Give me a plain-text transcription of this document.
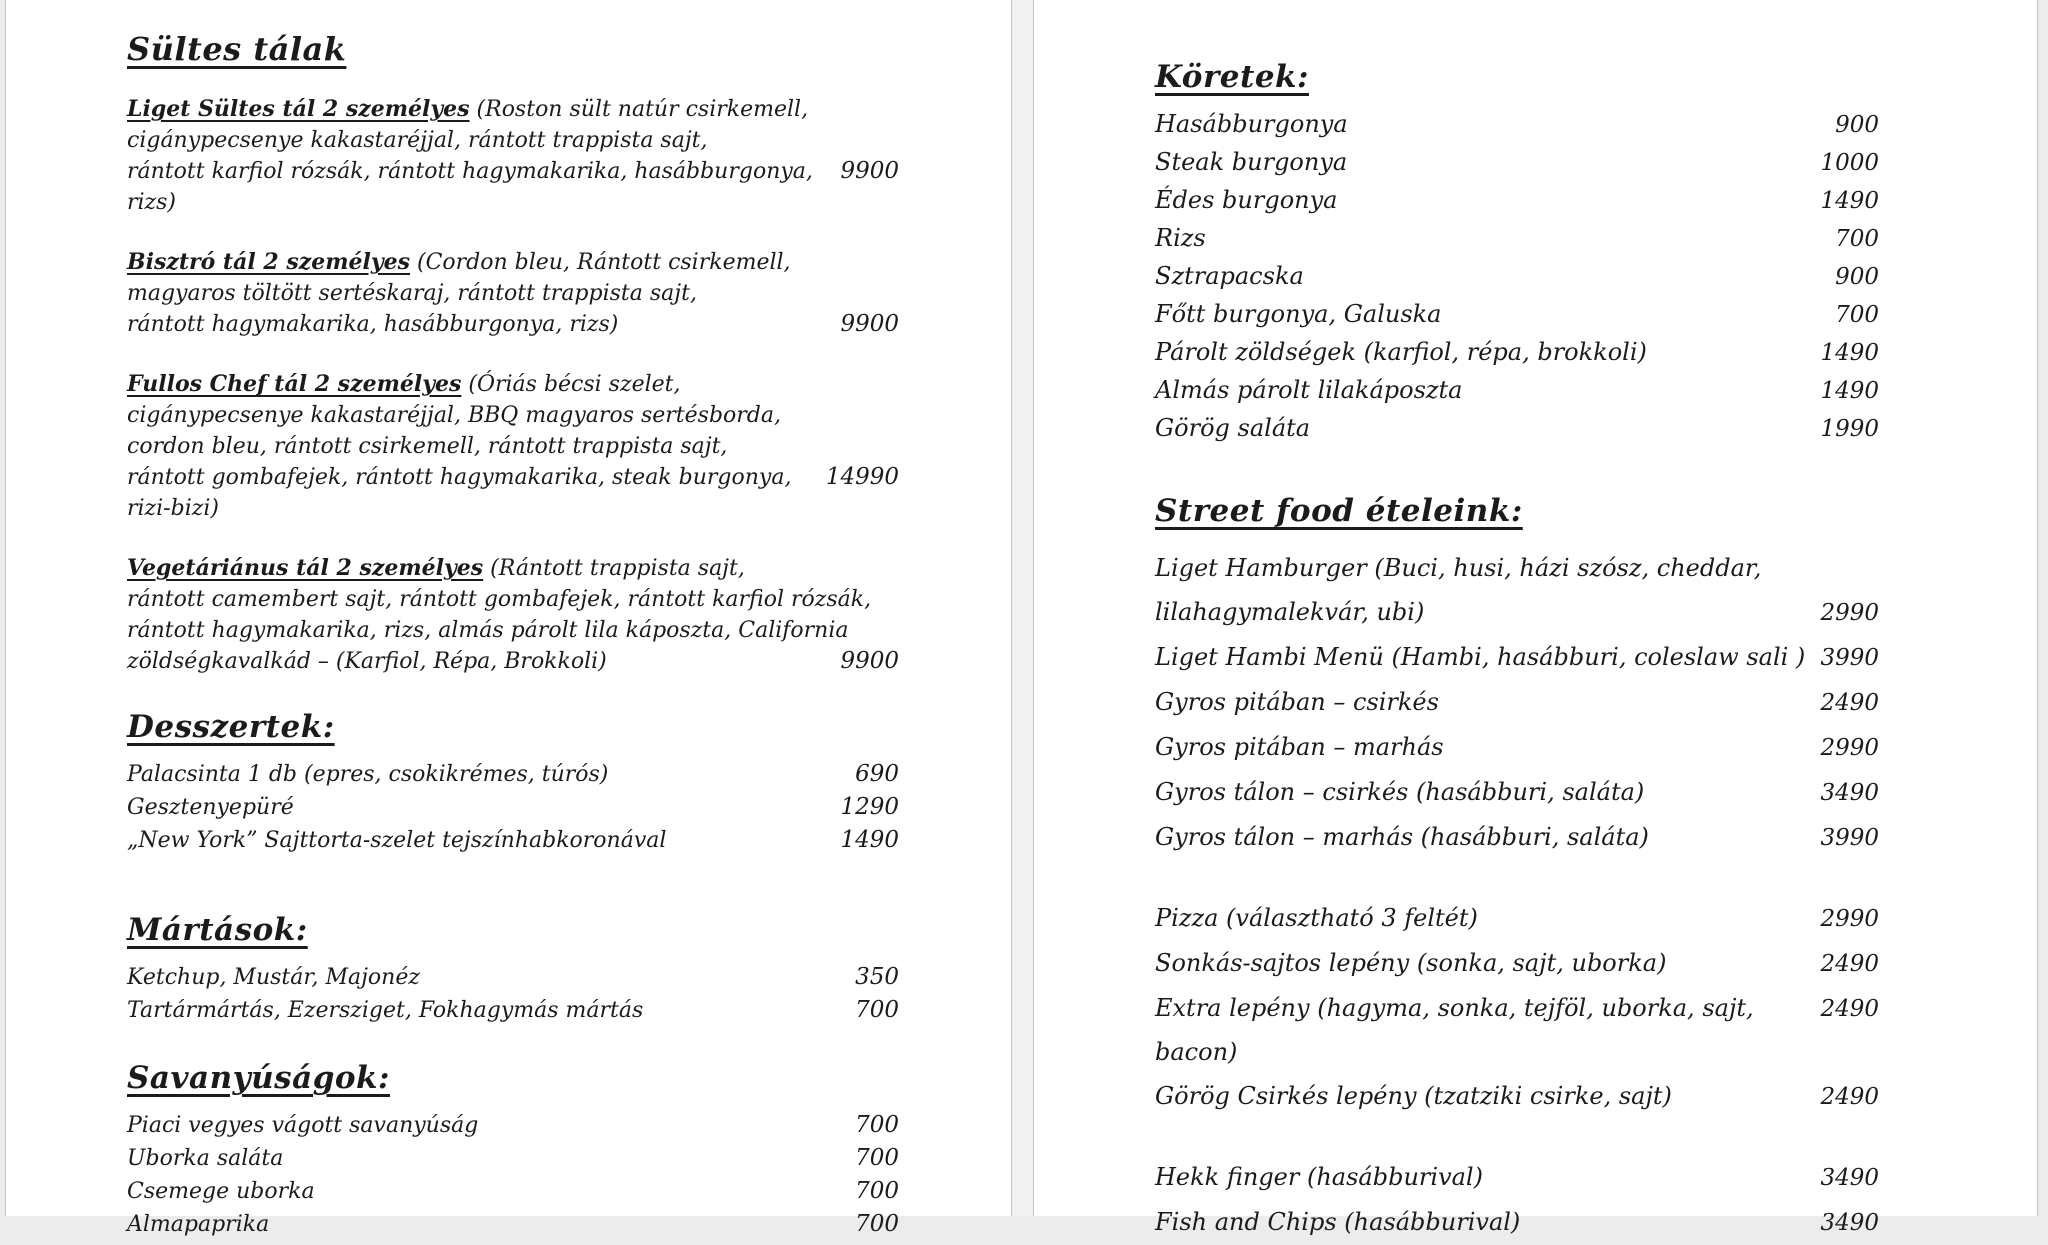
Sültes tálak
Liget Sültes tál 2 személyes (Roston sült natúr csirkemell,
cigánypecsenye kakastaréjjal, rántott trappista sajt,
rántott karfiol rózsák, rántott hagymakarika, hasábburgonya, rizs)
9900
Bisztró tál 2 személyes (Cordon bleu, Rántott csirkemell,
magyaros töltött sertéskaraj, rántott trappista sajt,
rántott hagymakarika, hasábburgonya, rizs)	9900
Fullos Chef tál 2 személyes (Óriás bécsi szelet,
cigánypecsenye kakastaréjjal, BBQ magyaros sertésborda,
cordon bleu, rántott csirkemell, rántott trappista sajt,
rántott gombafejek, rántott hagymakarika, steak burgonya, rizi-bizi)
14990
Vegetáriánus tál 2 személyes (Rántott trappista sajt,
rántott camembert sajt, rántott gombafejek, rántott karfiol rózsák,
rántott hagymakarika, rizs, almás párolt lila káposzta, California
zöldségkavalkád – (Karfiol, Répa, Brokkoli)	9900
Desszertek:
Palacsinta 1 db (epres, csokikrémes, túrós)	690
Gesztenyepüré	1290
„New York” Sajttorta-szelet tejszínhabkoronával	1490
Mártások:
Ketchup, Mustár, Majonéz	350
Tartármártás, Ezersziget, Fokhagymás mártás	700
Savanyúságok:
Piaci vegyes vágott savanyúság	700
Uborka saláta	700
Csemege uborka	700
Almapaprika	700
Köretek:
Hasábburgonya	900
Steak burgonya	1000
Édes burgonya	1490
Rizs	700
Sztrapacska	900
Főtt burgonya, Galuska	700
Párolt zöldségek (karfiol, répa, brokkoli)	1490
Almás párolt lilakáposzta	1490
Görög saláta	1990
Street food ételeink:
Liget Hamburger (Buci, husi, házi szósz, cheddar,
lilahagymalekvár, ubi)	2990
Liget Hambi Menü (Hambi, hasábburi, coleslaw sali ) 3990
Gyros pitában – csirkés	2490
Gyros pitában – marhás	2990
Gyros tálon – csirkés (hasábburi, saláta)	3490
Gyros tálon – marhás (hasábburi, saláta)	3990
Pizza (választható 3 feltét)	2990
Sonkás-sajtos lepény (sonka, sajt, uborka)	2490
Extra lepény (hagyma, sonka, tejföl, uborka, sajt, bacon)
2490
Görög Csirkés lepény (tzatziki csirke, sajt)	2490
Hekk finger (hasábburival)	3490
Fish and Chips (hasábburival)	3490
